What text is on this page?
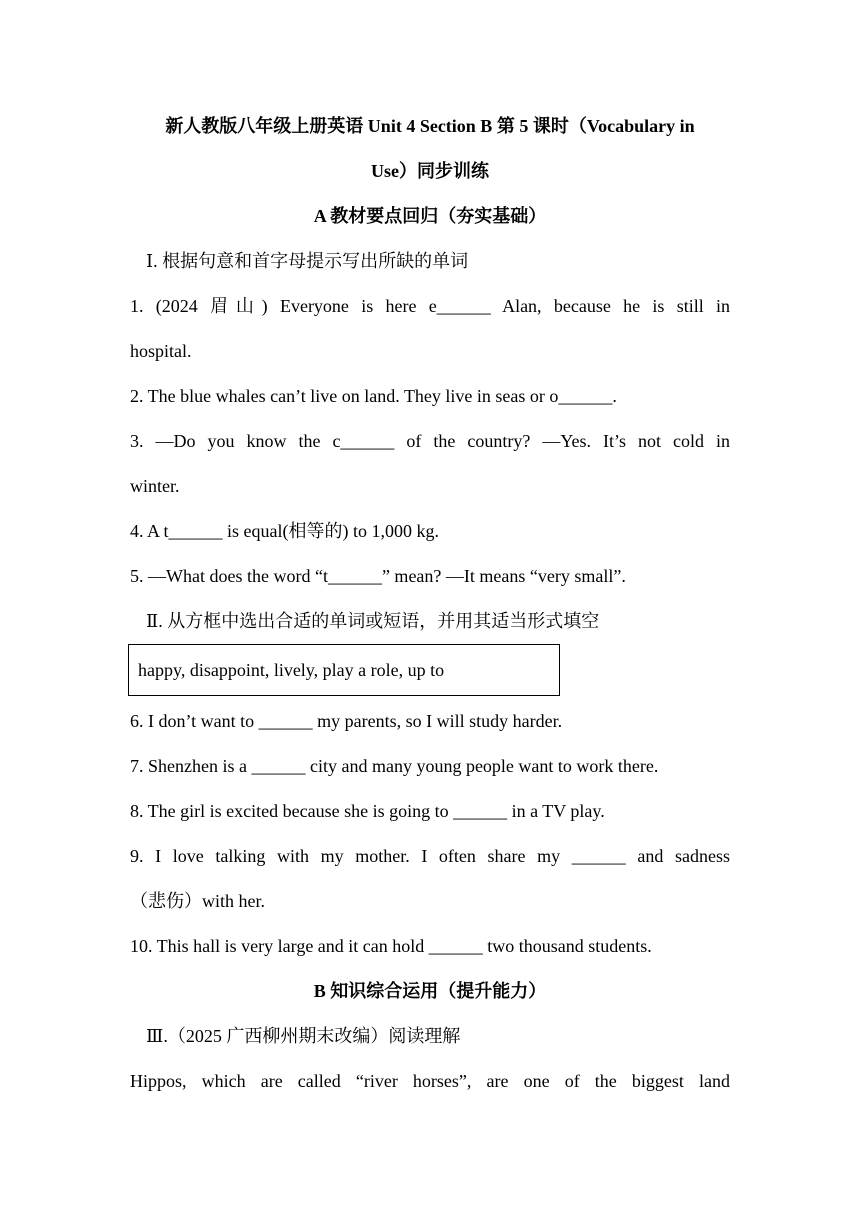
新人教版八年级上册英语 Unit 4 Section B 第 5 课时（Vocabulary in
Use）同步训练
A 教材要点回归（夯实基础）
Ⅰ. 根据句意和首字母提示写出所缺的单词
1. (2024 眉山) Everyone is here e______ Alan, because he is still in
hospital.
2. The blue whales can’t live on land. They live in seas or o______.
3. —Do you know the c______ of the country? —Yes. It’s not cold in
winter.
4. A t______ is equal(相等的) to 1,000 kg.
5. —What does the word “t______” mean? —It means “very small”.
Ⅱ. 从方框中选出合适的单词或短语，并用其适当形式填空
happy, disappoint, lively, play a role, up to
6. I don’t want to ______ my parents, so I will study harder.
7. Shenzhen is a ______ city and many young people want to work there.
8. The girl is excited because she is going to ______ in a TV play.
9. I love talking with my mother. I often share my ______ and sadness
（悲伤）with her.
10. This hall is very large and it can hold ______ two thousand students.
B 知识综合运用（提升能力）
Ⅲ.（2025 广西柳州期末改编）阅读理解
Hippos, which are called “river horses”, are one of the biggest land
